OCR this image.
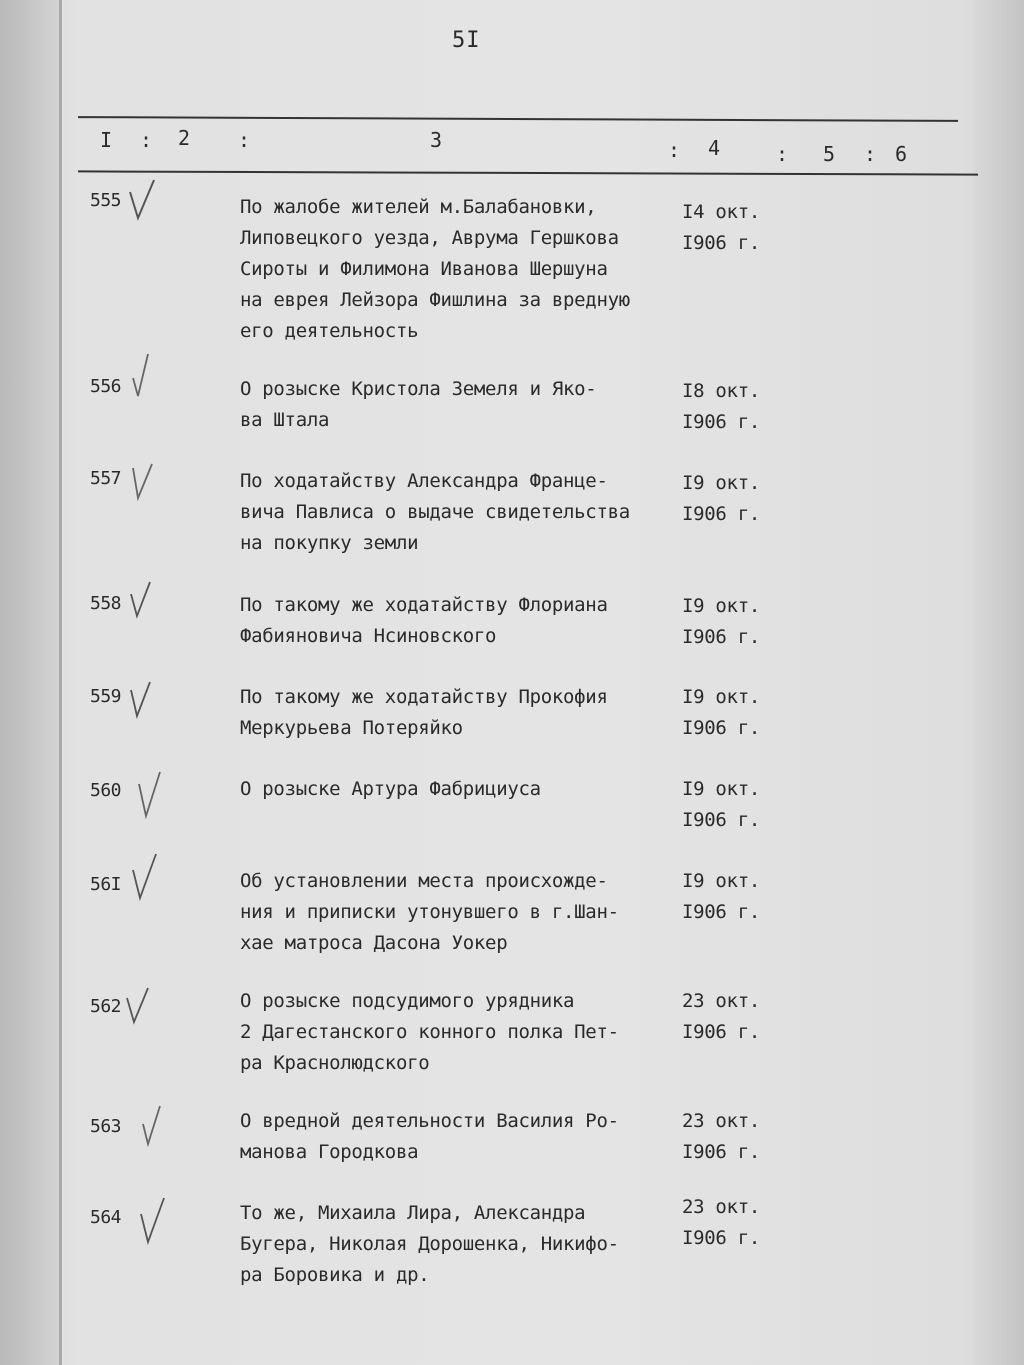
5I
I : 2 :	3	: 4	: 5 : 6
555	По жалобе жителей м.Балабановки,
Липовецкого уезда, Аврума Гершкова
Сироты и Филимона Иванова Шершуна
на еврея Лейзора Фишлина за вредную
его деятельность
I4 окт.
I906 г.
556	О розыске Кристола Земеля и Яко-
ва Штала
I8 окт.
I906 г.
557	По ходатайству Александра Франце-
вича Павлиса о выдаче свидетельства
на покупку земли
I9 окт.
I906 г.
558	По такому же ходатайству Флориана
Фабияновича Нсиновского
I9 окт.
I906 г.
559	По такому же ходатайству Прокофия
Меркурьева Потеряйко
I9 окт.
I906 г.
560	О розыске Артура Фабрициуса	I9 окт.
I906 г.
56I	Об установлении места происхожде-
ния и приписки утонувшего в г.Шан-
хае матроса Дасона Уокер
I9 окт.
I906 г.
562	О розыске подсудимого урядника
2 Дагестанского конного полка Пет-
ра Краснолюдского
23 окт.
I906 г.
563	О вредной деятельности Василия Ро-
манова Городкова
23 окт.
I906 г.
564	То же, Михаила Лира, Александра
Бугера, Николая Дорошенка, Никифо-
ра Боровика и др.
23 окт.
I906 г.
